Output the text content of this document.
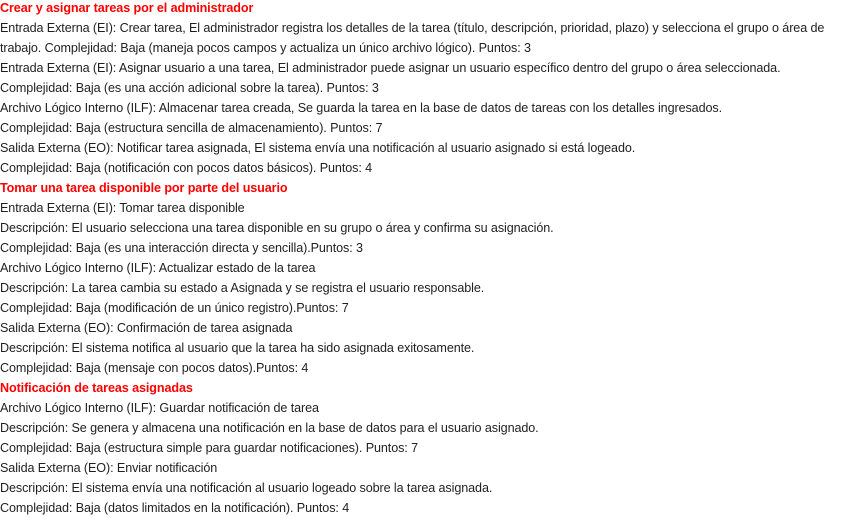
Crear y asignar tareas por el administrador
Entrada Externa (EI): Crear tarea, El administrador registra los detalles de la tarea (título, descripción, prioridad, plazo) y selecciona el grupo o área de
trabajo. Complejidad: Baja (maneja pocos campos y actualiza un único archivo lógico). Puntos: 3
Entrada Externa (EI): Asignar usuario a una tarea, El administrador puede asignar un usuario específico dentro del grupo o área seleccionada.
Complejidad: Baja (es una acción adicional sobre la tarea). Puntos: 3
Archivo Lógico Interno (ILF): Almacenar tarea creada, Se guarda la tarea en la base de datos de tareas con los detalles ingresados.
Complejidad: Baja (estructura sencilla de almacenamiento). Puntos: 7
Salida Externa (EO): Notificar tarea asignada, El sistema envía una notificación al usuario asignado si está logeado.
Complejidad: Baja (notificación con pocos datos básicos). Puntos: 4
Tomar una tarea disponible por parte del usuario
Entrada Externa (EI): Tomar tarea disponible
Descripción: El usuario selecciona una tarea disponible en su grupo o área y confirma su asignación.
Complejidad: Baja (es una interacción directa y sencilla).Puntos: 3
Archivo Lógico Interno (ILF): Actualizar estado de la tarea
Descripción: La tarea cambia su estado a Asignada y se registra el usuario responsable.
Complejidad: Baja (modificación de un único registro).Puntos: 7
Salida Externa (EO): Confirmación de tarea asignada
Descripción: El sistema notifica al usuario que la tarea ha sido asignada exitosamente.
Complejidad: Baja (mensaje con pocos datos).Puntos: 4
Notificación de tareas asignadas
Archivo Lógico Interno (ILF): Guardar notificación de tarea
Descripción: Se genera y almacena una notificación en la base de datos para el usuario asignado.
Complejidad: Baja (estructura simple para guardar notificaciones). Puntos: 7
Salida Externa (EO): Enviar notificación
Descripción: El sistema envía una notificación al usuario logeado sobre la tarea asignada.
Complejidad: Baja (datos limitados en la notificación). Puntos: 4
